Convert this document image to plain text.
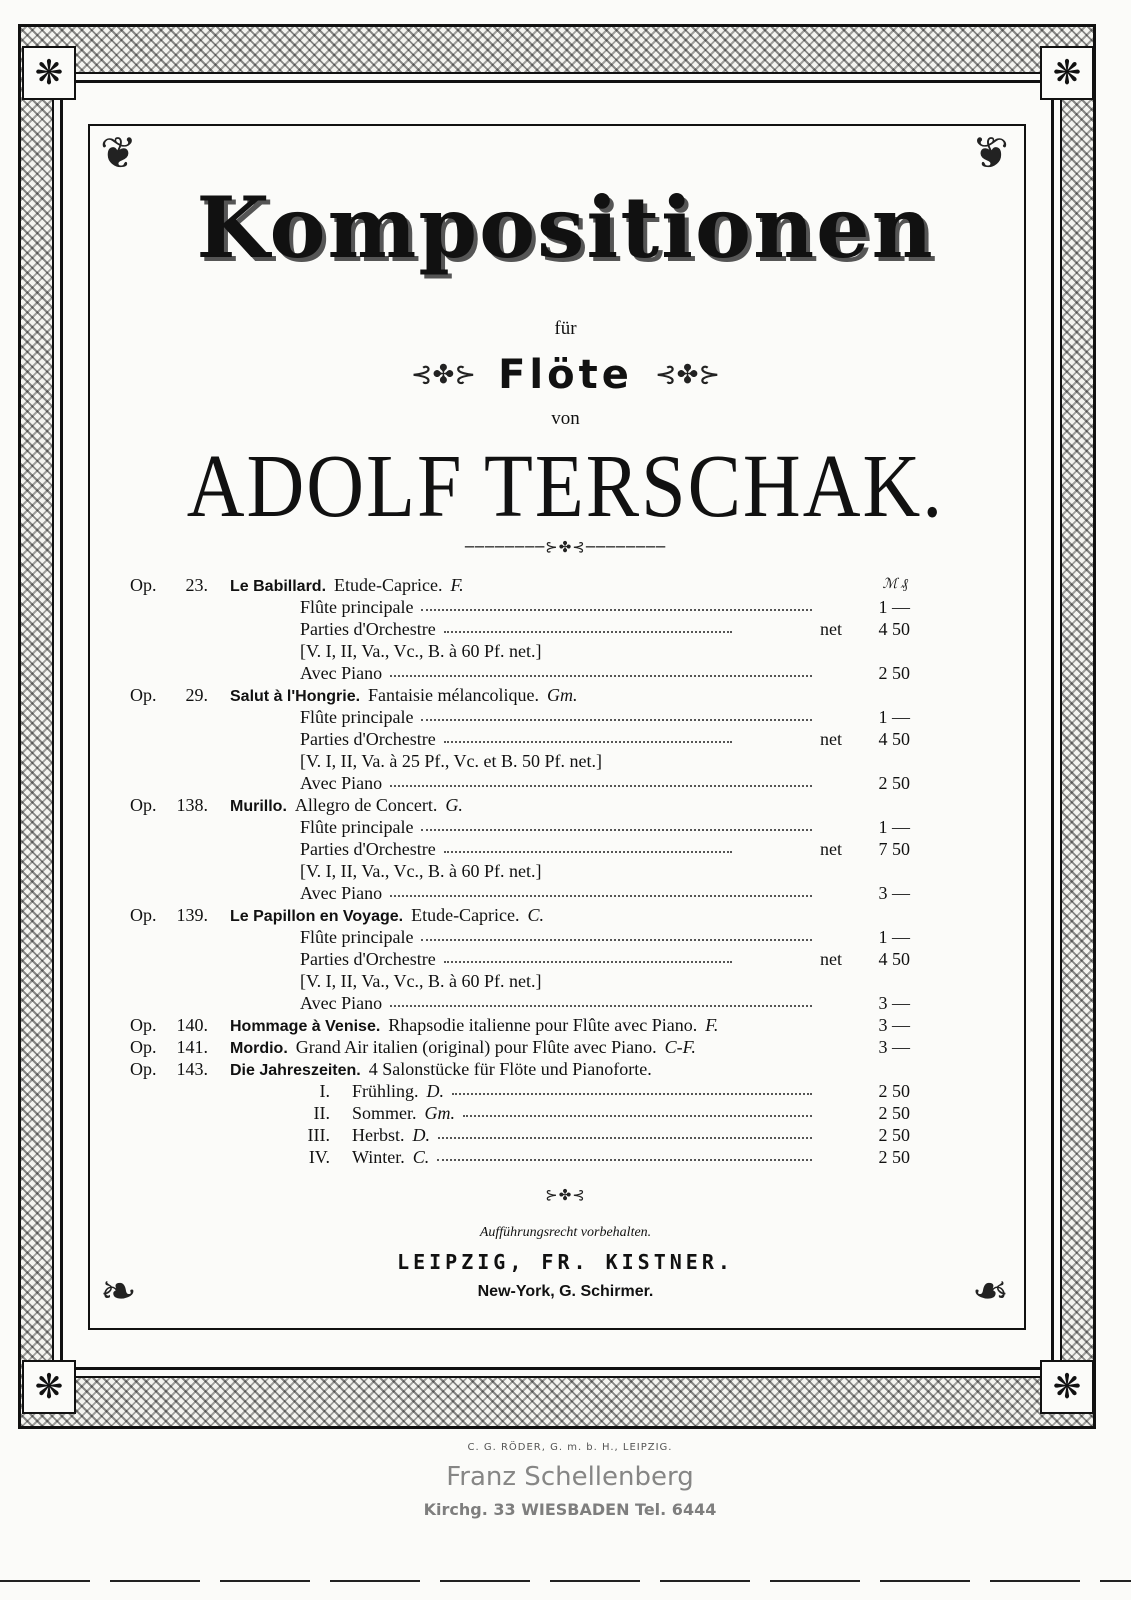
❋	❋
❋	❋
❦	❦
❧	❧
Kompositionen
für
⊰✤⊱ Flöte ⊰✤⊱
von
ADOLF TERSCHAK.
────────⊱✤⊰────────
ℳ ₰
Op.	23. Le Babillard. Etude-Caprice. F.
Flûte principale	1 —
Parties d'Orchestre	net	4 50
[V. I, II, Va., Vc., B. à 60 Pf. net.]
Avec Piano	2 50
Op.	29. Salut à l'Hongrie. Fantaisie mélancolique. Gm.
Flûte principale	1 —
Parties d'Orchestre	net	4 50
[V. I, II, Va. à 25 Pf., Vc. et B. 50 Pf. net.]
Avec Piano	2 50
Op. 138. Murillo. Allegro de Concert. G.
Flûte principale	1 —
Parties d'Orchestre	net	7 50
[V. I, II, Va., Vc., B. à 60 Pf. net.]
Avec Piano	3 —
Op. 139. Le Papillon en Voyage. Etude-Caprice. C.
Flûte principale	1 —
Parties d'Orchestre	net	4 50
[V. I, II, Va., Vc., B. à 60 Pf. net.]
Avec Piano	3 —
Op. 140. Hommage à Venise. Rhapsodie italienne pour Flûte avec Piano. F.	3 —
Op. 141. Mordio. Grand Air italien (original) pour Flûte avec Piano. C-F.	3 —
Op. 143. Die Jahreszeiten. 4 Salonstücke für Flöte und Pianoforte.
I. Frühling. D.	2 50
II. Sommer. Gm.	2 50
III. Herbst. D.	2 50
IV. Winter. C.	2 50
⊱✤⊰
Aufführungsrecht vorbehalten.
LEIPZIG, FR. KISTNER.
New-York, G. Schirmer.
C. G. RÖDER, G. m. b. H., LEIPZIG.
Franz Schellenberg
Kirchg. 33 WIESBADEN Tel. 6444
